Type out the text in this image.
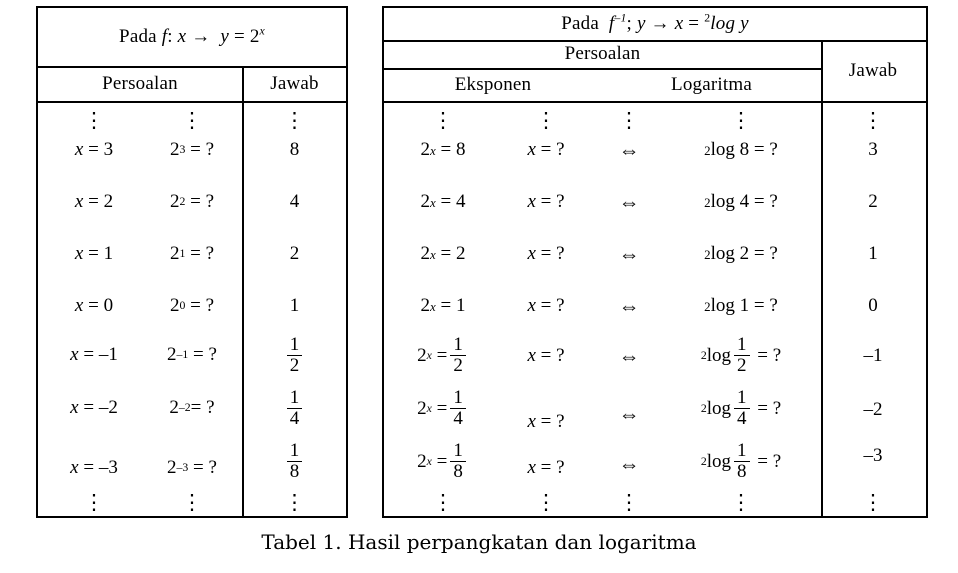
Pada f: $x \to y = 2^x$
Persoalan	Jawab
⋮	⋮	⋮
x = 3	2 3 = ?	8
x = 2	2 2 = ?	4
x = 1	2 1 = ?	2
x = 0	2 0 = ?	1
x = –1	2 –1 = ?	$\frac{1}{2}$
x = –2	2 –2 = ?	$\frac{1}{4}$
x = –3	2 –3 = ?	$\frac{1}{8}$
⋮	⋮	⋮
Pada $f^{-1}$; y → x = $^2$log y
Persoalan
Eksponen	Logaritma
Jawab
⋮	⋮	⋮	⋮	⋮
2 x = 8	x = ?	⇔	2 log 8 = ?	3
2 x = 4	x = ?	⇔	2 log 4 = ?	2
2 x = 2	x = ?	⇔	2 log 2 = ?	1
2 x = 1	x = ?	⇔	2 log 1 = ?	0
2 $x = \frac{1}{2}$	x = ?	⇔	2 $\log \frac{1}{2}$ = ?	–1
2 $x = \frac{1}{4}$	x = ?	⇔	2 $\log \frac{1}{4}$ = ?	–2
2 $x = \frac{1}{8}$	x = ?	⇔	2 $\log \frac{1}{8}$ = ?	–3
⋮	⋮	⋮	⋮	⋮
Tabel 1. Hasil perpangkatan dan logaritma
